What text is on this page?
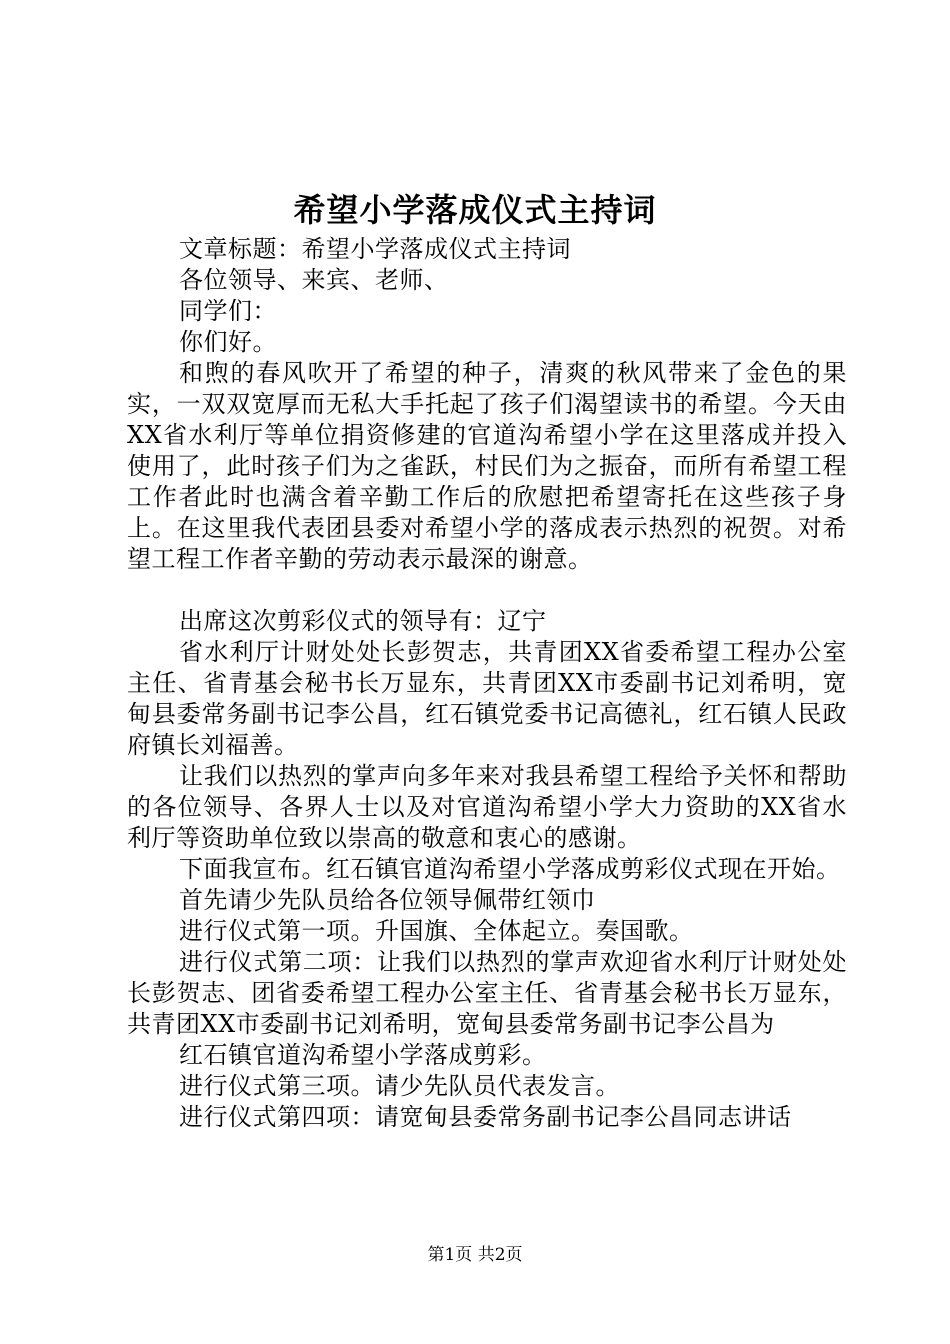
希望小学落成仪式主持词

文章标题：希望小学落成仪式主持词

各位领导、来宾、老师、

同学们：

你们好。

和煦的春风吹开了希望的种子，清爽的秋风带来了金色的果实，一双双宽厚而无私大手托起了孩子们渴望读书的希望。今天由XX省水利厅等单位捐资修建的官道沟希望小学在这里落成并投入使用了，此时孩子们为之雀跃，村民们为之振奋，而所有希望工程工作者此时也满含着辛勤工作后的欣慰把希望寄托在这些孩子身上。在这里我代表团县委对希望小学的落成表示热烈的祝贺。对希望工程工作者辛勤的劳动表示最深的谢意。

出席这次剪彩仪式的领导有：辽宁

省水利厅计财处处长彭贺志，共青团XX省委希望工程办公室主任、省青基会秘书长万显东，共青团XX市委副书记刘希明，宽甸县委常务副书记李公昌，红石镇党委书记高德礼，红石镇人民政府镇长刘福善。

让我们以热烈的掌声向多年来对我县希望工程给予关怀和帮助的各位领导、各界人士以及对官道沟希望小学大力资助的XX省水利厅等资助单位致以崇高的敬意和衷心的感谢。

下面我宣布。红石镇官道沟希望小学落成剪彩仪式现在开始。

首先请少先队员给各位领导佩带红领巾

进行仪式第一项。升国旗、全体起立。奏国歌。

进行仪式第二项：让我们以热烈的掌声欢迎省水利厅计财处处长彭贺志、团省委希望工程办公室主任、省青基会秘书长万显东，共青团XX市委副书记刘希明，宽甸县委常务副书记李公昌为

红石镇官道沟希望小学落成剪彩。

进行仪式第三项。请少先队员代表发言。

进行仪式第四项：请宽甸县委常务副书记李公昌同志讲话

第1页 共2页
